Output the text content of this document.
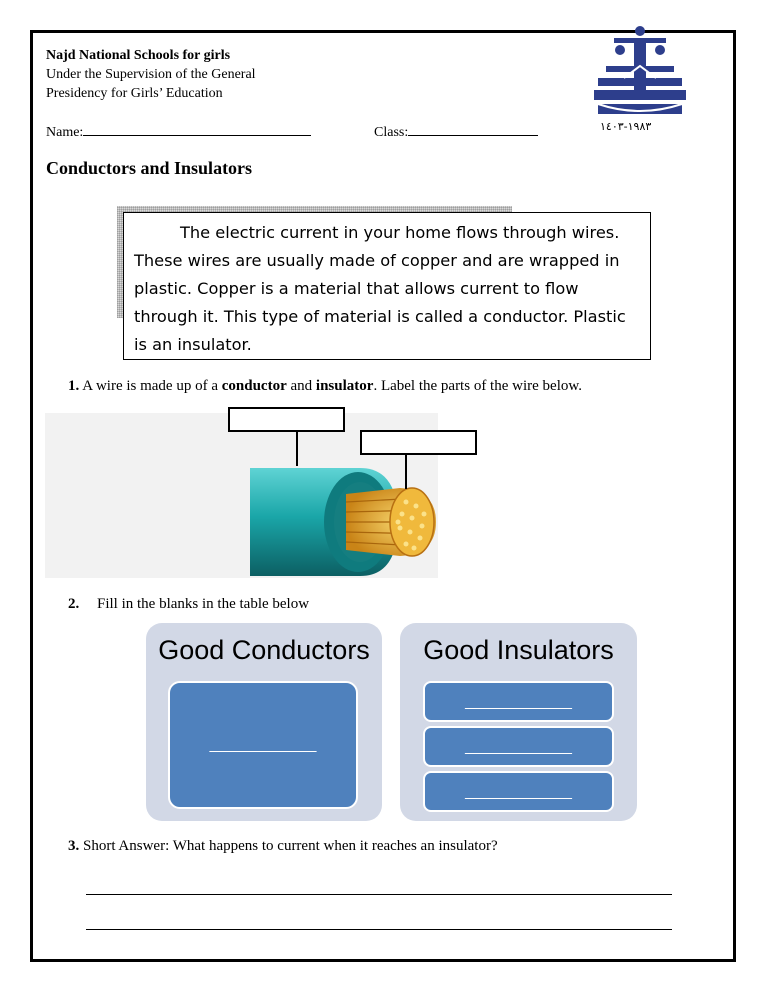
Najd National Schools for girls
Under the Supervision of the General
Presidency for Girls’ Education
Name:	Class:	١٩٨٣-١٤٠٣
Conductors and Insulators
The electric current in your home flows through wires. These wires are usually made of copper and are wrapped in plastic. Copper is a material that allows current to flow through it. This type of material is called a conductor. Plastic is an insulator.
1. A wire is made up of a conductor and insulator. Label the parts of the wire below.
2. Fill in the blanks in the table below
Good Conductors
____________
Good Insulators
____________
____________
____________
3. Short Answer: What happens to current when it reaches an insulator?
